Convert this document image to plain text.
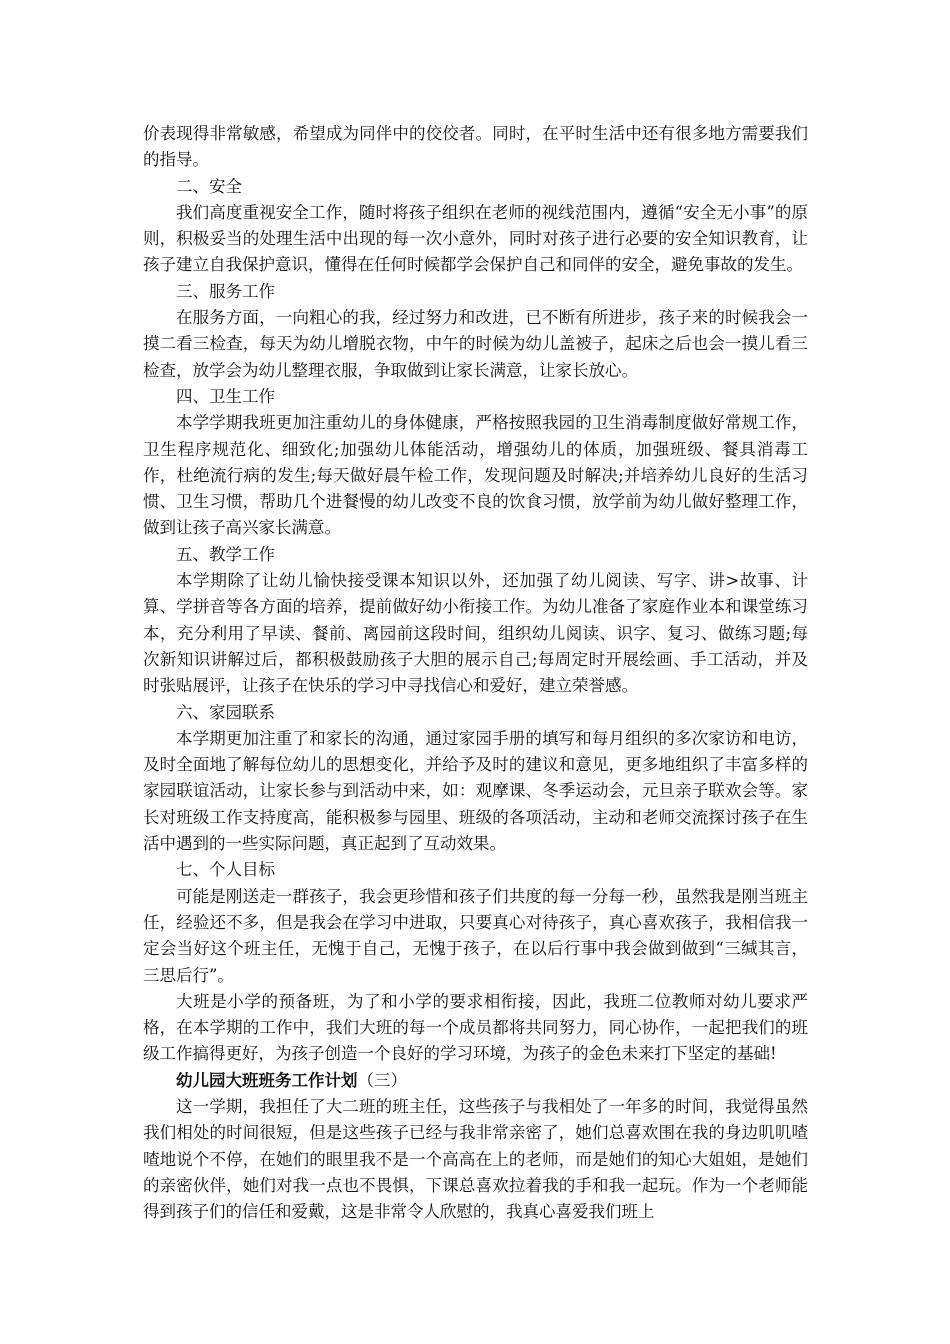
价表现得非常敏感，希望成为同伴中的佼佼者。同时，在平时生活中还有很多地方需要我们的指导。

二、安全

我们高度重视安全工作，随时将孩子组织在老师的视线范围内，遵循“安全无小事”的原则，积极妥当的处理生活中出现的每一次小意外，同时对孩子进行必要的安全知识教育，让孩子建立自我保护意识，懂得在任何时候都学会保护自己和同伴的安全，避免事故的发生。

三、服务工作

在服务方面，一向粗心的我，经过努力和改进，已不断有所进步，孩子来的时候我会一摸二看三检查，每天为幼儿增脱衣物，中午的时候为幼儿盖被子，起床之后也会一摸儿看三检查，放学会为幼儿整理衣服，争取做到让家长满意，让家长放心。

四、卫生工作

本学学期我班更加注重幼儿的身体健康，严格按照我园的卫生消毒制度做好常规工作，卫生程序规范化、细致化;加强幼儿体能活动，增强幼儿的体质，加强班级、餐具消毒工作，杜绝流行病的发生;每天做好晨午检工作，发现问题及时解决;并培养幼儿良好的生活习惯、卫生习惯，帮助几个进餐慢的幼儿改变不良的饮食习惯，放学前为幼儿做好整理工作，做到让孩子高兴家长满意。

五、教学工作

本学期除了让幼儿愉快接受课本知识以外，还加强了幼儿阅读、写字、讲>故事、计算、学拼音等各方面的培养，提前做好幼小衔接工作。为幼儿准备了家庭作业本和课堂练习本，充分利用了早读、餐前、离园前这段时间，组织幼儿阅读、识字、复习、做练习题;每次新知识讲解过后，都积极鼓励孩子大胆的展示自己;每周定时开展绘画、手工活动，并及时张贴展评，让孩子在快乐的学习中寻找信心和爱好，建立荣誉感。

六、家园联系

本学期更加注重了和家长的沟通，通过家园手册的填写和每月组织的多次家访和电访，及时全面地了解每位幼儿的思想变化，并给予及时的建议和意见，更多地组织了丰富多样的家园联谊活动，让家长参与到活动中来，如：观摩课、冬季运动会，元旦亲子联欢会等。家长对班级工作支持度高，能积极参与园里、班级的各项活动，主动和老师交流探讨孩子在生活中遇到的一些实际问题，真正起到了互动效果。

七、个人目标

可能是刚送走一群孩子，我会更珍惜和孩子们共度的每一分每一秒，虽然我是刚当班主任，经验还不多，但是我会在学习中进取，只要真心对待孩子，真心喜欢孩子，我相信我一定会当好这个班主任，无愧于自己，无愧于孩子，在以后行事中我会做到做到“三缄其言，三思后行”。

大班是小学的预备班，为了和小学的要求相衔接，因此，我班二位教师对幼儿要求严格，在本学期的工作中，我们大班的每一个成员都将共同努力，同心协作，一起把我们的班级工作搞得更好，为孩子创造一个良好的学习环境，为孩子的金色未来打下坚定的基础!

幼儿园大班班务工作计划（三）

这一学期，我担任了大二班的班主任，这些孩子与我相处了一年多的时间，我觉得虽然我们相处的时间很短，但是这些孩子已经与我非常亲密了，她们总喜欢围在我的身边叽叽喳喳地说个不停，在她们的眼里我不是一个高高在上的老师，而是她们的知心大姐姐，是她们的亲密伙伴，她们对我一点也不畏惧，下课总喜欢拉着我的手和我一起玩。作为一个老师能得到孩子们的信任和爱戴，这是非常令人欣慰的，我真心喜爱我们班上
